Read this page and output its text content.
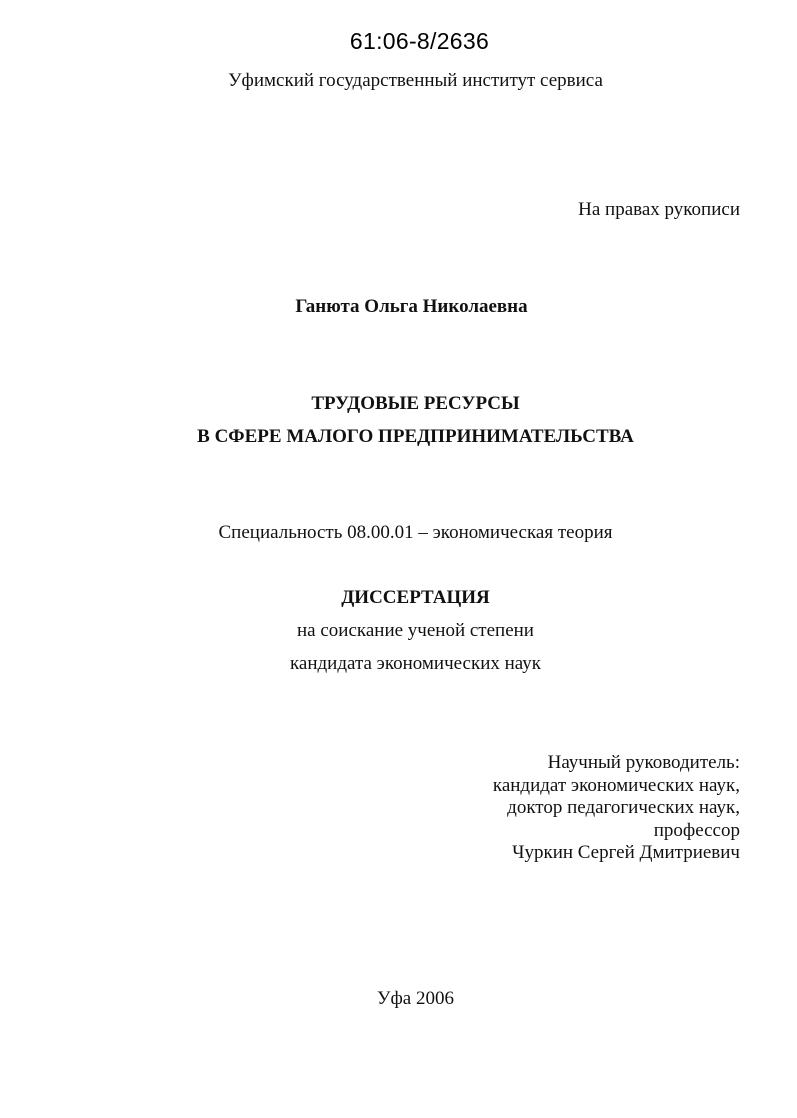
61:06-8/2636
Уфимский государственный институт сервиса
На правах рукописи
Ганюта Ольга Николаевна
ТРУДОВЫЕ РЕСУРСЫ
В СФЕРЕ МАЛОГО ПРЕДПРИНИМАТЕЛЬСТВА
Специальность 08.00.01 – экономическая теория
ДИССЕРТАЦИЯ
на соискание ученой степени
кандидата экономических наук
Научный руководитель:
кандидат экономических наук,
доктор педагогических наук,
профессор
Чуркин Сергей Дмитриевич
Уфа 2006
